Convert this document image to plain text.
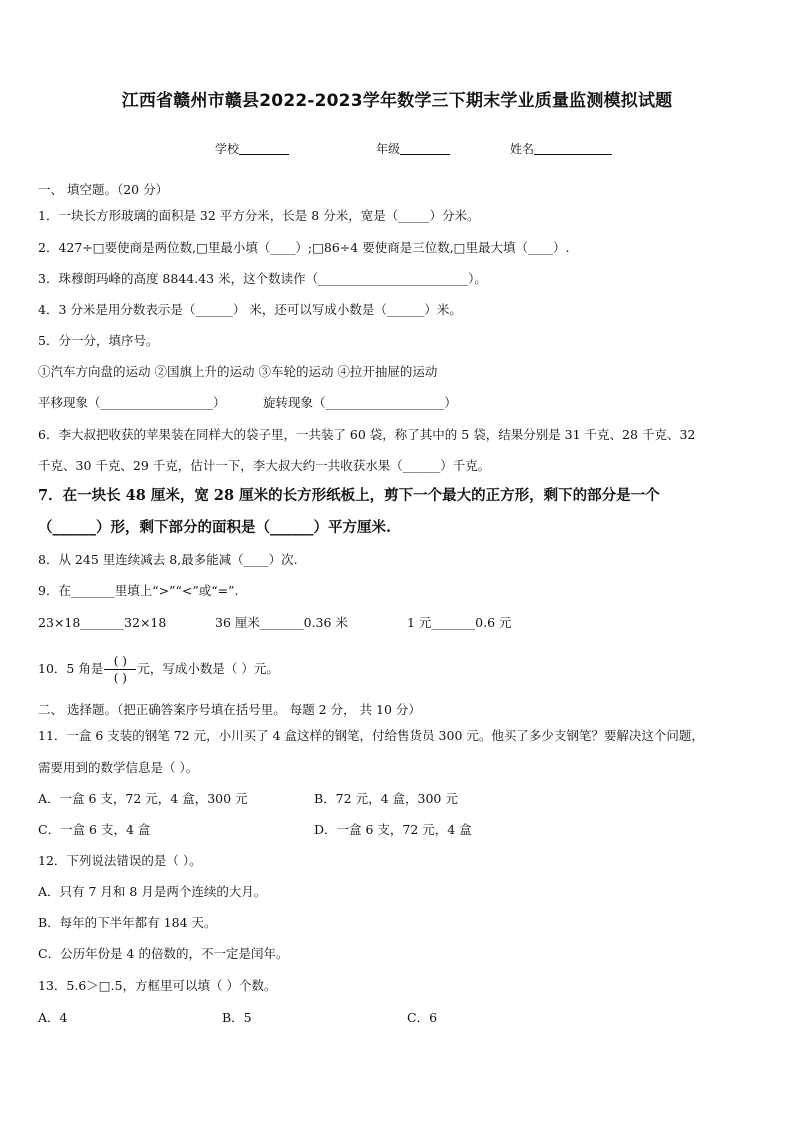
江西省赣州市赣县2022-2023学年数学三下期末学业质量监测模拟试题
学校	年级	姓名
一、 填空题。（20 分）
1．一块长方形玻璃的面积是 32 平方分米，长是 8 分米，宽是（_____）分米。
2．427÷□要使商是两位数,□里最小填（____）;□86÷4 要使商是三位数,□里最大填（____）.
3．珠穆朗玛峰的高度 8844.43 米，这个数读作（________________________）。
4．3 分米是用分数表示是（______） 米，还可以写成小数是（______）米。
5．分一分，填序号。
①汽车方向盘的运动 ②国旗上升的运动 ③车轮的运动 ④拉开抽屉的运动
平移现象（__________________）	旋转现象（___________________）
6．李大叔把收获的苹果装在同样大的袋子里，一共装了 60 袋，称了其中的 5 袋，结果分别是 31 千克、28 千克、32
千克、30 千克、29 千克，估计一下，李大叔大约一共收获水果（______）千克。
7．在一块长 48 厘米，宽 28 厘米的长方形纸板上，剪下一个最大的正方形，剩下的部分是一个
（______）形，剩下部分的面积是（______）平方厘米.
8．从 245 里连续减去 8,最多能减（____）次.
9．在_______里填上“>”“<”或“=”.
23×18_______32×18	36 厘米_______0.36 米	1 元_______0.6 元
10．5 角是 $\frac{( )}{( )}$ 元，写成小数是（ ）元。
二、 选择题。（把正确答案序号填在括号里。 每题 2 分， 共 10 分）
11．一盒 6 支装的钢笔 72 元，小川买了 4 盒这样的钢笔，付给售货员 300 元。他买了多少支钢笔？要解决这个问题，
需要用到的数学信息是（ ）。
A．一盒 6 支，72 元，4 盒，300 元	B．72 元，4 盒，300 元
C．一盒 6 支，4 盒	D．一盒 6 支，72 元，4 盒
12．下列说法错误的是（ ）。
A．只有 7 月和 8 月是两个连续的大月。
B．每年的下半年都有 184 天。
C．公历年份是 4 的倍数的，不一定是闰年。
13．5.6＞□.5，方框里可以填（ ）个数。
A．4	B．5	C．6
